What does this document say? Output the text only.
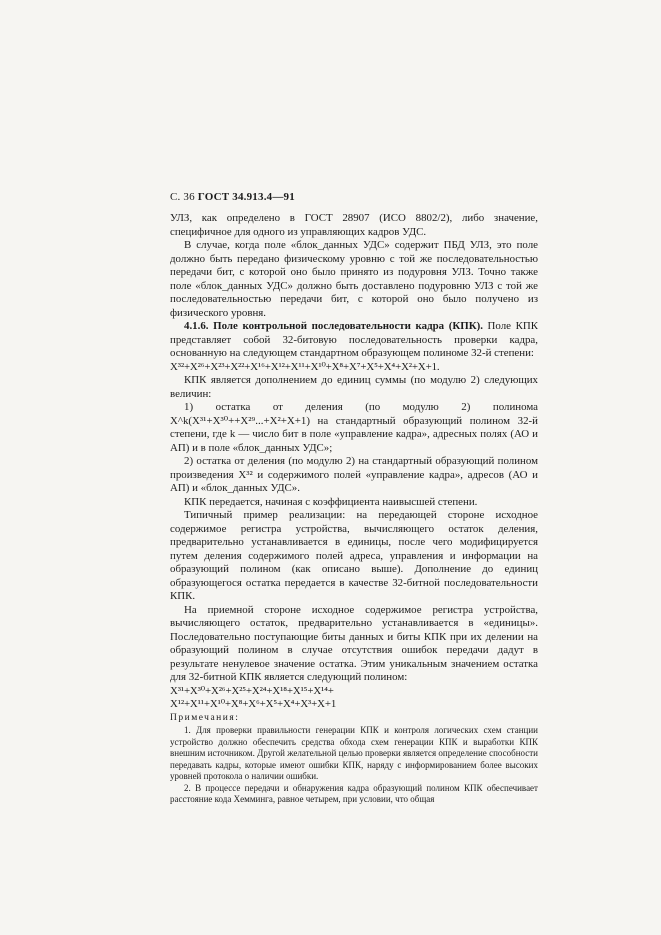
С. 36 ГОСТ 34.913.4—91

УЛЗ, как определено в ГОСТ 28907 (ИСО 8802/2), либо значение, специфичное для одного из управляющих кадров УДС.

В случае, когда поле «блок_данных УДС» содержит ПБД УЛЗ, это поле должно быть передано физическому уровню с той же последовательностью передачи бит, с которой оно было принято из подуровня УЛЗ. Точно также поле «блок_данных УДС» должно быть доставлено подуровню УЛЗ с той же последовательностью передачи бит, с которой оно было получено из физического уровня.

4.1.6. Поле контрольной последовательности кадра (КПК). Поле КПК представляет собой 32-битовую последовательность проверки кадра, основанную на следующем стандартном образующем полиноме 32-й степени:

X³²+X²⁶+X²³+X²²+X¹⁶+X¹²+X¹¹+X¹⁰+X⁸+X⁷+X⁵+X⁴+X²+X+1.

КПК является дополнением до единиц суммы (по модулю 2) следующих величин:

1) остатка от деления (по модулю 2) полинома X^k(X³¹+X³⁰++X²⁹...+X²+X+1) на стандартный образующий полином 32-й степени, где k — число бит в поле «управление кадра», адресных полях (АО и АП) и в поле «блок_данных УДС»;

2) остатка от деления (по модулю 2) на стандартный образующий полином произведения X³² и содержимого полей «управление кадра», адресов (АО и АП) и «блок_данных УДС».

КПК передается, начиная с коэффициента наивысшей степени.

Типичный пример реализации: на передающей стороне исходное содержимое регистра устройства, вычисляющего остаток деления, предварительно устанавливается в единицы, после чего модифицируется путем деления содержимого полей адреса, управления и информации на образующий полином (как описано выше). Дополнение до единиц образующегося остатка передается в качестве 32-битной последовательности КПК.

На приемной стороне исходное содержимое регистра устройства, вычисляющего остаток, предварительно устанавливается в «единицы». Последовательно поступающие биты данных и биты КПК при их делении на образующий полином в случае отсутствия ошибок передачи дадут в результате ненулевое значение остатка. Этим уникальным значением остатка для 32-битной КПК является следующий полином:

X³¹+X³⁰+X²⁶+X²⁵+X²⁴+X¹⁸+X¹⁵+X¹⁴+

X¹²+X¹¹+X¹⁰+X⁸+X⁶+X⁵+X⁴+X³+X+1

Примечания:

1. Для проверки правильности генерации КПК и контроля логических схем станции устройство должно обеспечить средства обхода схем генерации КПК и выработки КПК внешним источником. Другой желательной целью проверки является определение способности передавать кадры, которые имеют ошибки КПК, наряду с информированием более высоких уровней протокола о наличии ошибки.

2. В процессе передачи и обнаружения кадра образующий полином КПК обеспечивает расстояние кода Хемминга, равное четырем, при условии, что общая
